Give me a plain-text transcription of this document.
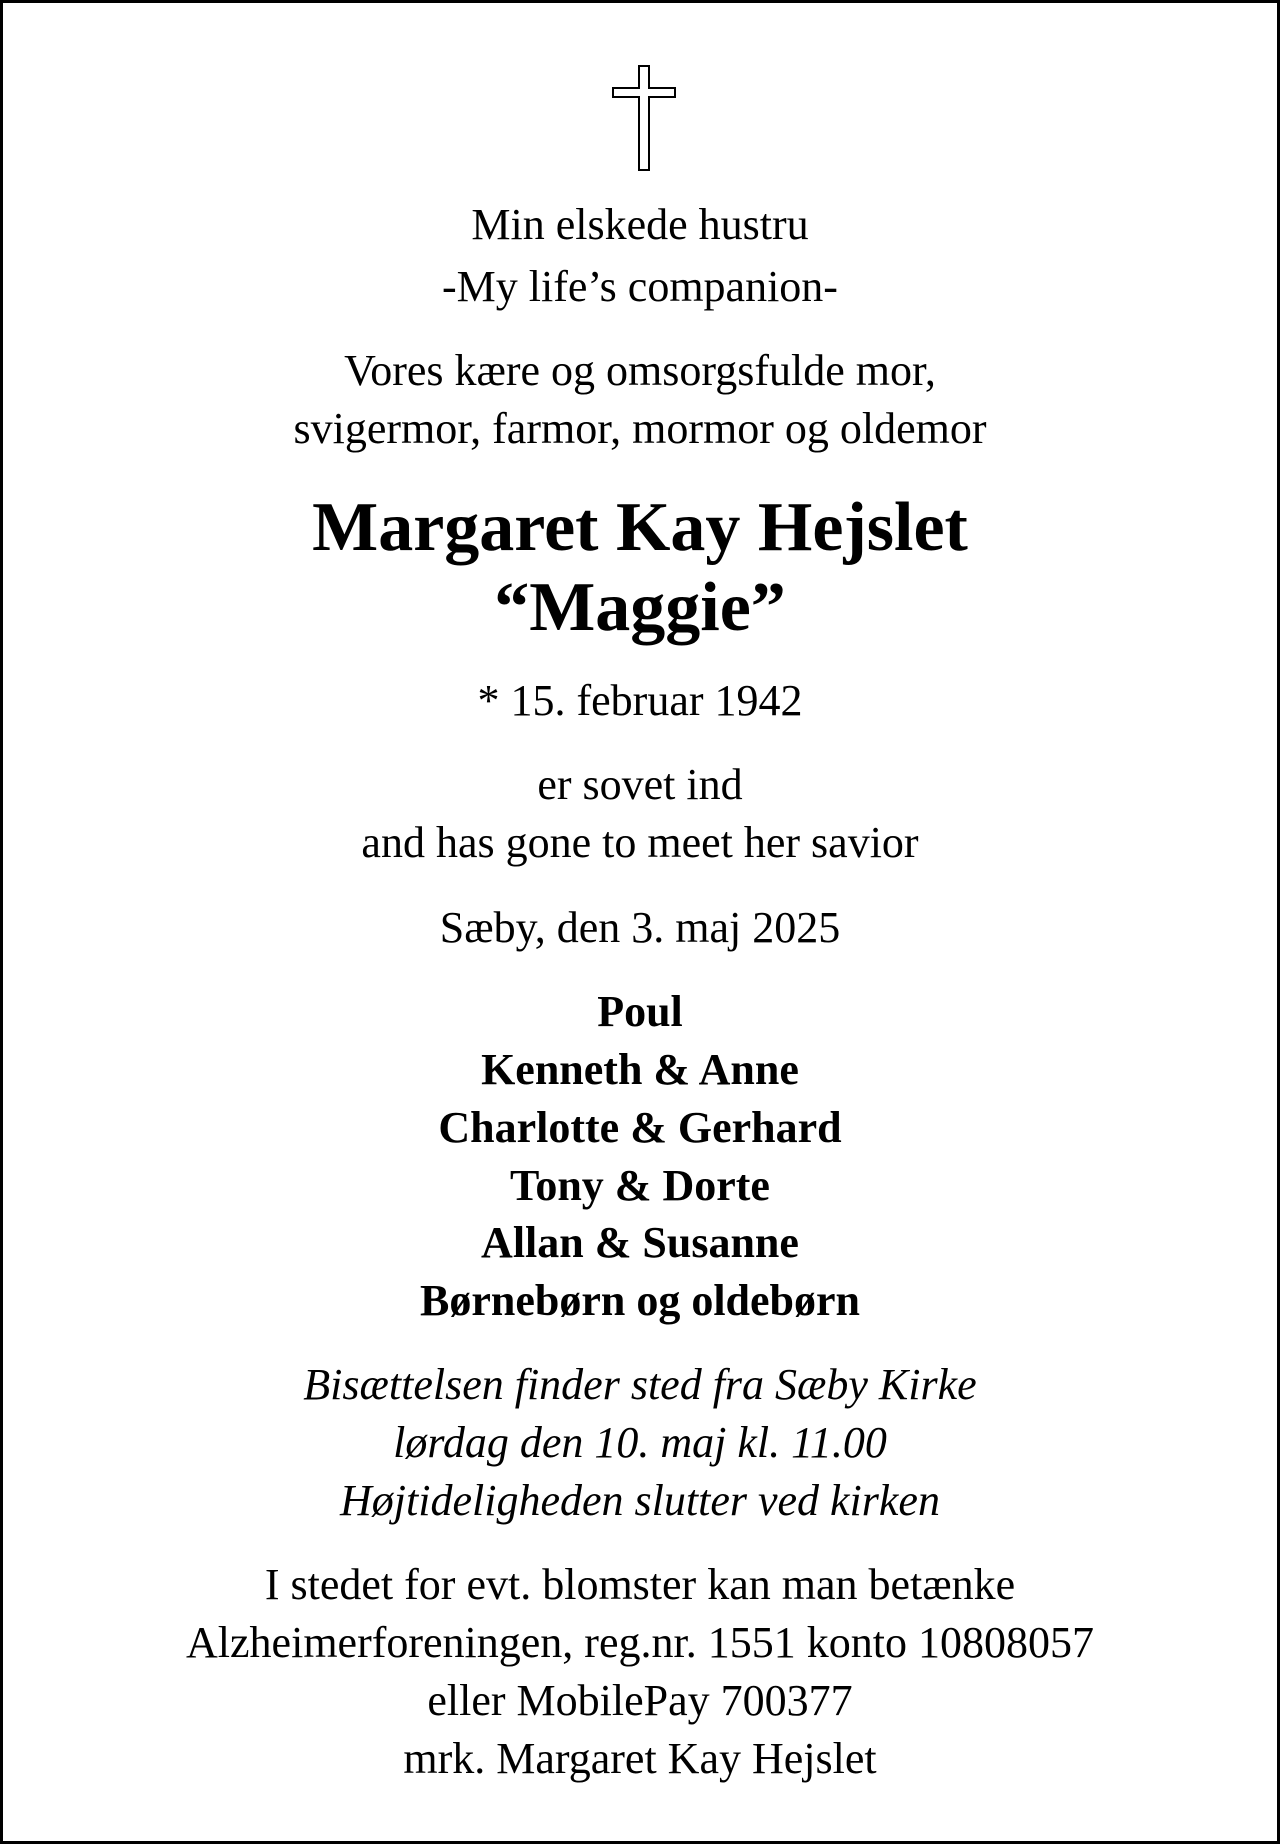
Min elskede hustru

-My life’s companion-

Vores kære og omsorgsfulde mor,

svigermor, farmor, mormor og oldemor

Margaret Kay Hejslet

“Maggie”

* 15. februar 1942

er sovet ind

and has gone to meet her savior

Sæby, den 3. maj 2025

Poul

Kenneth & Anne

Charlotte & Gerhard

Tony & Dorte

Allan & Susanne

Børnebørn og oldebørn

Bisættelsen finder sted fra Sæby Kirke

lørdag den 10. maj kl. 11.00

Højtideligheden slutter ved kirken

I stedet for evt. blomster kan man betænke

Alzheimerforeningen, reg.nr. 1551 konto 10808057

eller MobilePay 700377

mrk. Margaret Kay Hejslet
